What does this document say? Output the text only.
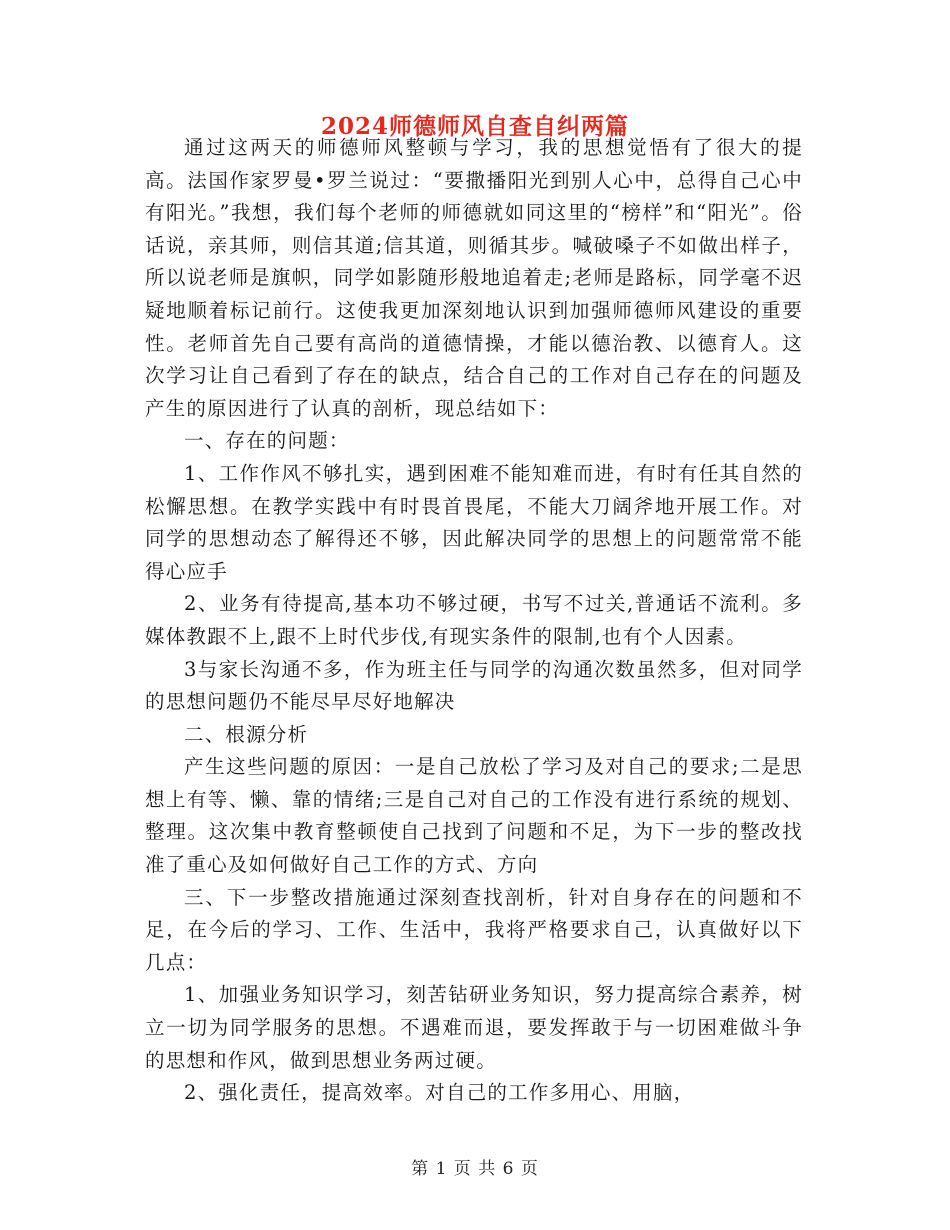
2024师德师风自查自纠两篇

通过这两天的师德师风整顿与学习，我的思想觉悟有了很大的提高。法国作家罗曼•罗兰说过：“要撒播阳光到别人心中，总得自己心中有阳光。”我想，我们每个老师的师德就如同这里的“榜样”和“阳光”。俗话说，亲其师，则信其道;信其道，则循其步。喊破嗓子不如做出样子，所以说老师是旗帜，同学如影随形般地追着走;老师是路标，同学毫不迟疑地顺着标记前行。这使我更加深刻地认识到加强师德师风建设的重要性。老师首先自己要有高尚的道德情操，才能以德治教、以德育人。这次学习让自己看到了存在的缺点，结合自己的工作对自己存在的问题及产生的原因进行了认真的剖析，现总结如下：

一、存在的问题：

1、工作作风不够扎实，遇到困难不能知难而进，有时有任其自然的松懈思想。在教学实践中有时畏首畏尾，不能大刀阔斧地开展工作。对同学的思想动态了解得还不够，因此解决同学的思想上的问题常常不能得心应手

2、业务有待提高,基本功不够过硬，书写不过关,普通话不流利。多媒体教跟不上,跟不上时代步伐,有现实条件的限制,也有个人因素。

3与家长沟通不多，作为班主任与同学的沟通次数虽然多，但对同学的思想问题仍不能尽早尽好地解决

二、根源分析

产生这些问题的原因：一是自己放松了学习及对自己的要求;二是思想上有等、懒、靠的情绪;三是自己对自己的工作没有进行系统的规划、整理。这次集中教育整顿使自己找到了问题和不足，为下一步的整改找准了重心及如何做好自己工作的方式、方向

三、下一步整改措施通过深刻查找剖析，针对自身存在的问题和不足，在今后的学习、工作、生活中，我将严格要求自己，认真做好以下几点：

1、加强业务知识学习，刻苦钻研业务知识，努力提高综合素养，树立一切为同学服务的思想。不遇难而退，要发挥敢于与一切困难做斗争的思想和作风，做到思想业务两过硬。

2、强化责任，提高效率。对自己的工作多用心、用脑，

第 1 页 共 6 页
